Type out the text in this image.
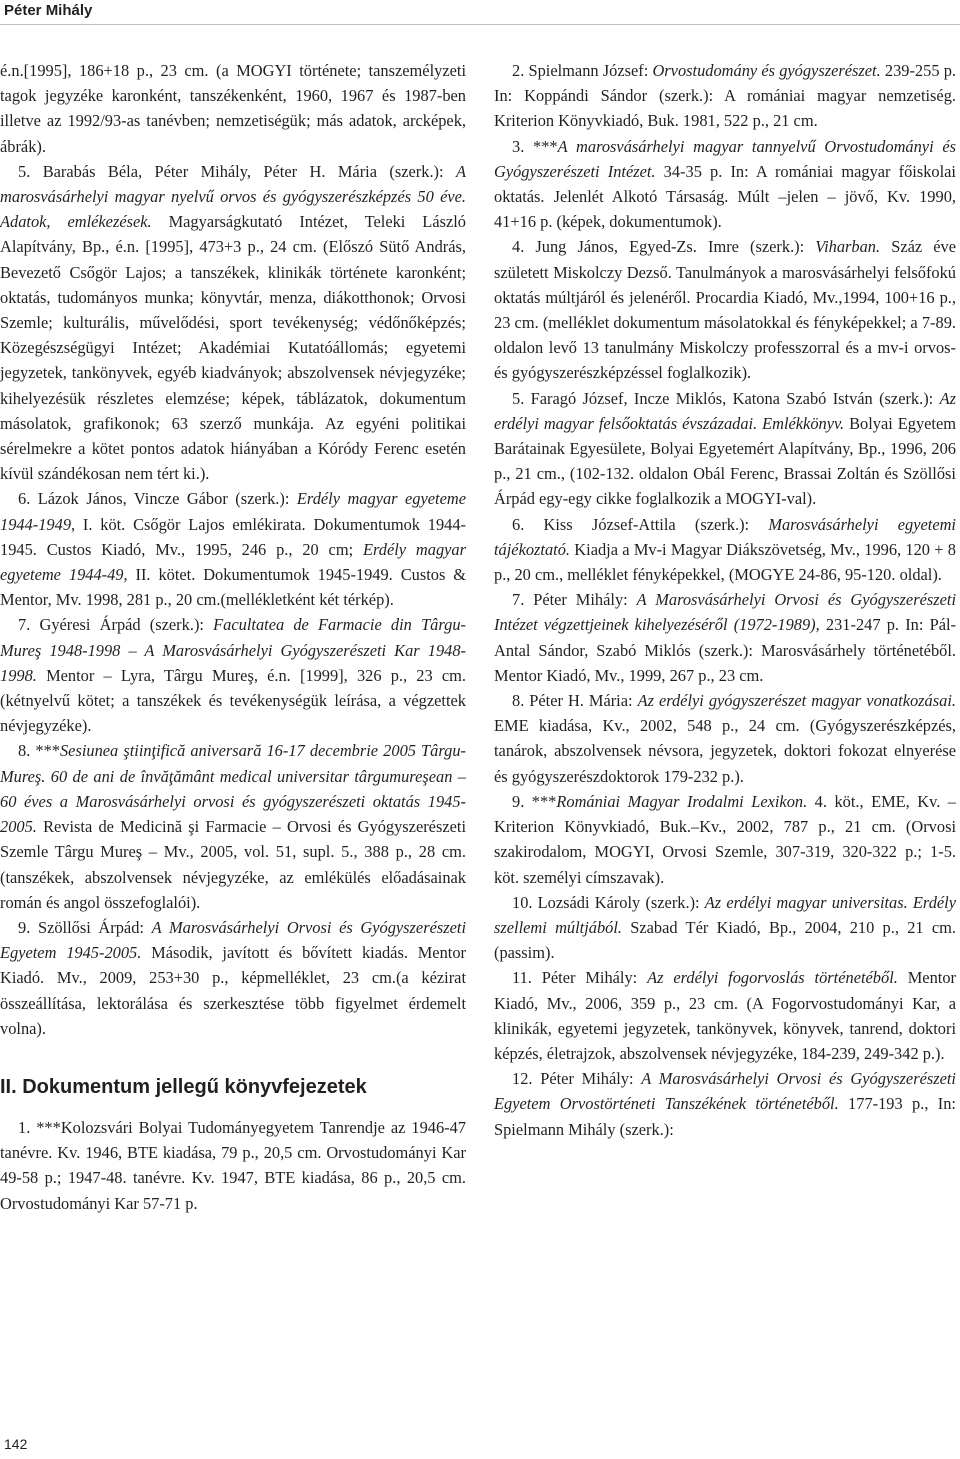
Péter Mihály

é.n.[1995], 186+18 p., 23 cm. (a MOGYI története; tanszemélyzeti tagok jegyzéke karonként, tanszékenként, 1960, 1967 és 1987-ben illetve az 1992/93-as tanévben; nemzetiségük; más adatok, arcképek, ábrák).

5. Barabás Béla, Péter Mihály, Péter H. Mária (szerk.): A marosvásárhelyi magyar nyelvű orvos és gyógyszerészképzés 50 éve. Adatok, emlékezések. Magyarságkutató Intézet, Teleki László Alapítvány, Bp., é.n. [1995], 473+3 p., 24 cm. (Előszó Sütő András, Bevezető Csőgör Lajos; a tanszékek, klinikák története karonként; oktatás, tudományos munka; könyvtár, menza, diákotthonok; Orvosi Szemle; kulturális, művelődési, sport tevékenység; védőnőképzés; Közegészségügyi Intézet; Akadémiai Kutatóállomás; egyetemi jegyzetek, tankönyvek, egyéb kiadványok; abszolvensek névjegyzéke; kihelyezésük részletes elemzése; képek, táblázatok, dokumentum másolatok, grafikonok; 63 szerző munkája. Az egyéni politikai sérelmekre a kötet pontos adatok hiányában a Kóródy Ferenc esetén kívül szándékosan nem tért ki.).

6. Lázok János, Vincze Gábor (szerk.): Erdély magyar egyeteme 1944-1949, I. köt. Csőgör Lajos emlékirata. Dokumentumok 1944-1945. Custos Kiadó, Mv., 1995, 246 p., 20 cm; Erdély magyar egyeteme 1944-49, II. kötet. Dokumentumok 1945-1949. Custos & Mentor, Mv. 1998, 281 p., 20 cm.(mellékletként két térkép).

7. Gyéresi Árpád (szerk.): Facultatea de Farmacie din Târgu-Mureş 1948-1998 – A Marosvásárhelyi Gyógyszerészeti Kar 1948-1998. Mentor – Lyra, Târgu Mureş, é.n. [1999], 326 p., 23 cm. (kétnyelvű kötet; a tanszékek és tevékenységük leírása, a végzettek névjegyzéke).

8. ***Sesiunea ştiinţifică aniversară 16-17 decembrie 2005 Târgu-Mureş. 60 de ani de învăţământ medical universitar târgumureşean – 60 éves a Marosvásárhelyi orvosi és gyógyszerészeti oktatás 1945-2005. Revista de Medicină şi Farmacie – Orvosi és Gyógyszerészeti Szemle Târgu Mureş – Mv., 2005, vol. 51, supl. 5., 388 p., 28 cm. (tanszékek, abszolvensek névjegyzéke, az emlékülés előadásainak román és angol összefoglalói).

9. Szöllősi Árpád: A Marosvásárhelyi Orvosi és Gyógyszerészeti Egyetem 1945-2005. Második, javított és bővített kiadás. Mentor Kiadó. Mv., 2009, 253+30 p., képmelléklet, 23 cm.(a kézirat összeállítása, lektorálása és szerkesztése több figyelmet érdemelt volna).

II. Dokumentum jellegű könyvfejezetek

1. ***Kolozsvári Bolyai Tudományegyetem Tanrendje az 1946-47 tanévre. Kv. 1946, BTE kiadása, 79 p., 20,5 cm. Orvostudományi Kar 49-58 p.; 1947-48. tanévre. Kv. 1947, BTE kiadása, 86 p., 20,5 cm. Orvostudományi Kar 57-71 p.

2. Spielmann József: Orvostudomány és gyógyszerészet. 239-255 p. In: Koppándi Sándor (szerk.): A romániai magyar nemzetiség. Kriterion Könyvkiadó, Buk. 1981, 522 p., 21 cm.

3. ***A marosvásárhelyi magyar tannyelvű Orvostudományi és Gyógyszerészeti Intézet. 34-35 p. In: A romániai magyar főiskolai oktatás. Jelenlét Alkotó Társaság. Múlt –jelen – jövő, Kv. 1990, 41+16 p. (képek, dokumentumok).

4. Jung János, Egyed-Zs. Imre (szerk.): Viharban. Száz éve született Miskolczy Dezső. Tanulmányok a marosvásárhelyi felsőfokú oktatás múltjáról és jelenéről. Procardia Kiadó, Mv.,1994, 100+16 p., 23 cm. (melléklet dokumentum másolatokkal és fényképekkel; a 7-89. oldalon levő 13 tanulmány Miskolczy professzorral és a mv-i orvos- és gyógyszerészképzéssel foglalkozik).

5. Faragó József, Incze Miklós, Katona Szabó István (szerk.): Az erdélyi magyar felsőoktatás évszázadai. Emlékkönyv. Bolyai Egyetem Barátainak Egyesülete, Bolyai Egyetemért Alapítvány, Bp., 1996, 206 p., 21 cm., (102-132. oldalon Obál Ferenc, Brassai Zoltán és Szöllősi Árpád egy-egy cikke foglalkozik a MOGYI-val).

6. Kiss József-Attila (szerk.): Marosvásárhelyi egyetemi tájékoztató. Kiadja a Mv-i Magyar Diákszövetség, Mv., 1996, 120 + 8 p., 20 cm., melléklet fényképekkel, (MOGYE 24-86, 95-120. oldal).

7. Péter Mihály: A Marosvásárhelyi Orvosi és Gyógyszerészeti Intézet végzettjeinek kihelyezéséről (1972-1989), 231-247 p. In: Pál-Antal Sándor, Szabó Miklós (szerk.): Marosvásárhely történetéből. Mentor Kiadó, Mv., 1999, 267 p., 23 cm.

8. Péter H. Mária: Az erdélyi gyógyszerészet magyar vonatkozásai. EME kiadása, Kv., 2002, 548 p., 24 cm. (Gyógyszerészképzés, tanárok, abszolvensek névsora, jegyzetek, doktori fokozat elnyerése és gyógyszerészdoktorok 179-232 p.).

9. ***Romániai Magyar Irodalmi Lexikon. 4. köt., EME, Kv. – Kriterion Könyvkiadó, Buk.–Kv., 2002, 787 p., 21 cm. (Orvosi szakirodalom, MOGYI, Orvosi Szemle, 307-319, 320-322 p.; 1-5. köt. személyi címszavak).

10. Lozsádi Károly (szerk.): Az erdélyi magyar universitas. Erdély szellemi múltjából. Szabad Tér Kiadó, Bp., 2004, 210 p., 21 cm. (passim).

11. Péter Mihály: Az erdélyi fogorvoslás történetéből. Mentor Kiadó, Mv., 2006, 359 p., 23 cm. (A Fogorvostudományi Kar, a klinikák, egyetemi jegyzetek, tankönyvek, könyvek, tanrend, doktori képzés, életrajzok, abszolvensek névjegyzéke, 184-239, 249-342 p.).

12. Péter Mihály: A Marosvásárhelyi Orvosi és Gyógyszerészeti Egyetem Orvostörténeti Tanszékének történetéből. 177-193 p., In: Spielmann Mihály (szerk.):

142
